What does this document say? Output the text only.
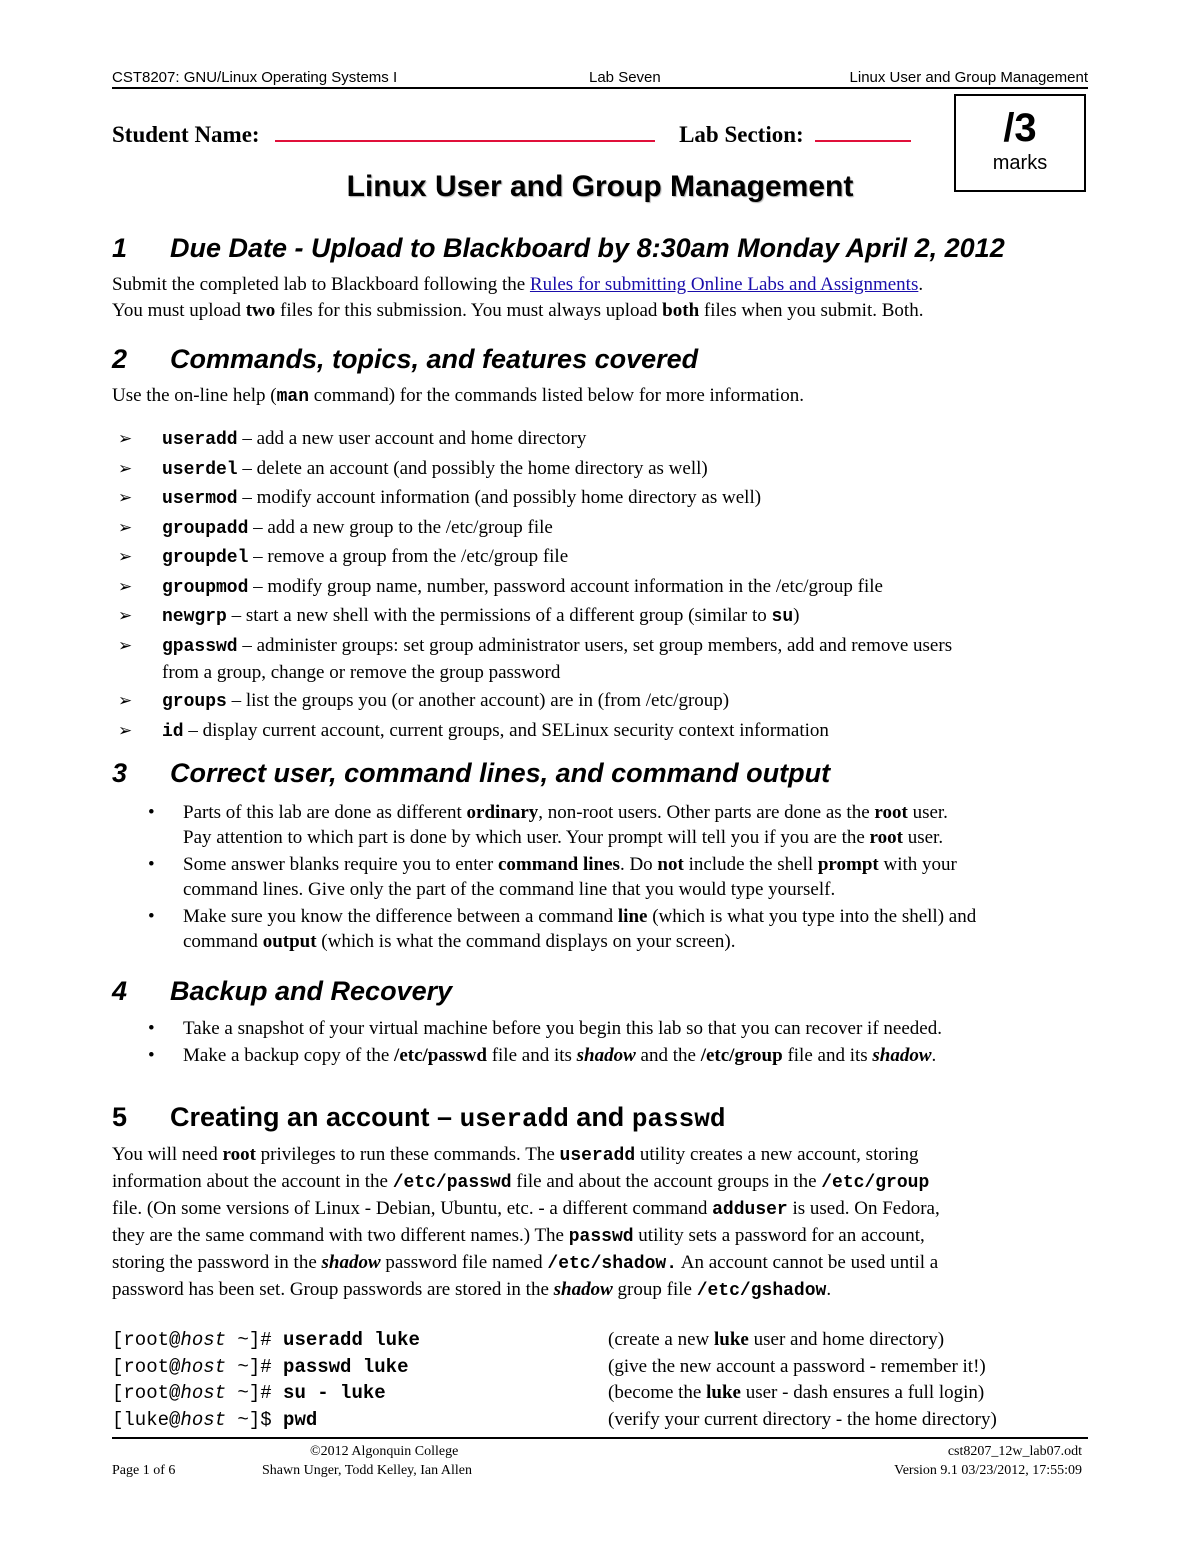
CST8207: GNU/Linux Operating Systems I	Lab Seven	Linux User and Group Management
Student Name:	Lab Section:	/3
marks
Linux User and Group Management
1 Due Date - Upload to Blackboard by 8:30am Monday April 2, 2012
Submit the completed lab to Blackboard following the Rules for submitting Online Labs and Assignments.
You must upload two files for this submission. You must always upload both files when you submit. Both.
2 Commands, topics, and features covered
Use the on-line help (man command) for the commands listed below for more information.
➢ useradd – add a new user account and home directory
➢ userdel – delete an account (and possibly the home directory as well)
➢ usermod – modify account information (and possibly home directory as well)
➢ groupadd – add a new group to the /etc/group file
➢ groupdel – remove a group from the /etc/group file
➢ groupmod – modify group name, number, password account information in the /etc/group file
➢ newgrp – start a new shell with the permissions of a different group (similar to su)
➢ gpasswd – administer groups: set group administrator users, set group members, add and remove users
from a group, change or remove the group password
➢ groups – list the groups you (or another account) are in (from /etc/group)
➢ id – display current account, current groups, and SELinux security context information
3 Correct user, command lines, and command output
• Parts of this lab are done as different ordinary, non-root users. Other parts are done as the root user.
Pay attention to which part is done by which user. Your prompt will tell you if you are the root user.
• Some answer blanks require you to enter command lines. Do not include the shell prompt with your
command lines. Give only the part of the command line that you would type yourself.
• Make sure you know the difference between a command line (which is what you type into the shell) and
command output (which is what the command displays on your screen).
4 Backup and Recovery
• Take a snapshot of your virtual machine before you begin this lab so that you can recover if needed.
• Make a backup copy of the /etc/passwd file and its shadow and the /etc/group file and its shadow.
5 Creating an account – useradd and passwd
You will need root privileges to run these commands. The useradd utility creates a new account, storing
information about the account in the /etc/passwd file and about the account groups in the /etc/group
file. (On some versions of Linux - Debian, Ubuntu, etc. - a different command adduser is used. On Fedora,
they are the same command with two different names.) The passwd utility sets a password for an account,
storing the password in the shadow password file named /etc/shadow. An account cannot be used until a
password has been set. Group passwords are stored in the shadow group file /etc/gshadow.
[root@host ~]# useradd luke	(create a new luke user and home directory)
[root@host ~]# passwd luke	(give the new account a password - remember it!)
[root@host ~]# su - luke	(become the luke user - dash ensures a full login)
[luke@host ~]$ pwd	(verify your current directory - the home directory)
Page 1 of 6
©2012 Algonquin College
Shawn Unger, Todd Kelley, Ian Allen
cst8207_12w_lab07.odt
Version 9.1 03/23/2012, 17:55:09
